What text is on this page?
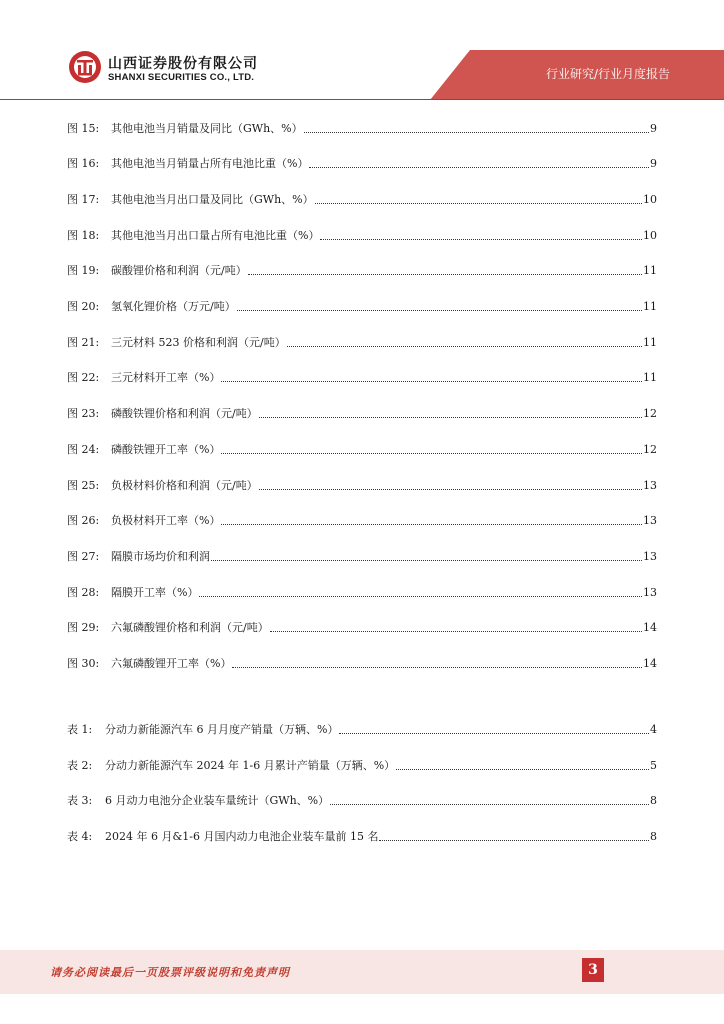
山西证券股份有限公司
SHANXI SECURITIES CO., LTD.	行业研究/行业月度报告
图 15:	其他电池当月销量及同比（GWh、%）	9
图 16:	其他电池当月销量占所有电池比重（%）	9
图 17:	其他电池当月出口量及同比（GWh、%）	10
图 18:	其他电池当月出口量占所有电池比重（%）	10
图 19:	碳酸锂价格和利润（元/吨）	11
图 20:	氢氧化锂价格（万元/吨）	11
图 21:	三元材料 523 价格和利润（元/吨）	11
图 22:	三元材料开工率（%）	11
图 23:	磷酸铁锂价格和利润（元/吨）	12
图 24:	磷酸铁锂开工率（%）	12
图 25:	负极材料价格和利润（元/吨）	13
图 26:	负极材料开工率（%）	13
图 27:	隔膜市场均价和利润	13
图 28:	隔膜开工率（%）	13
图 29:	六氟磷酸锂价格和利润（元/吨）	14
图 30:	六氟磷酸锂开工率（%）	14
表 1:	分动力新能源汽车 6 月月度产销量（万辆、%）	4
表 2:	分动力新能源汽车 2024 年 1-6 月累计产销量（万辆、%）	5
表 3:	6 月动力电池分企业装车量统计（GWh、%）	8
表 4:	2024 年 6 月&1-6 月国内动力电池企业装车量前 15 名	8
请务必阅读最后一页股票评级说明和免责声明	3
